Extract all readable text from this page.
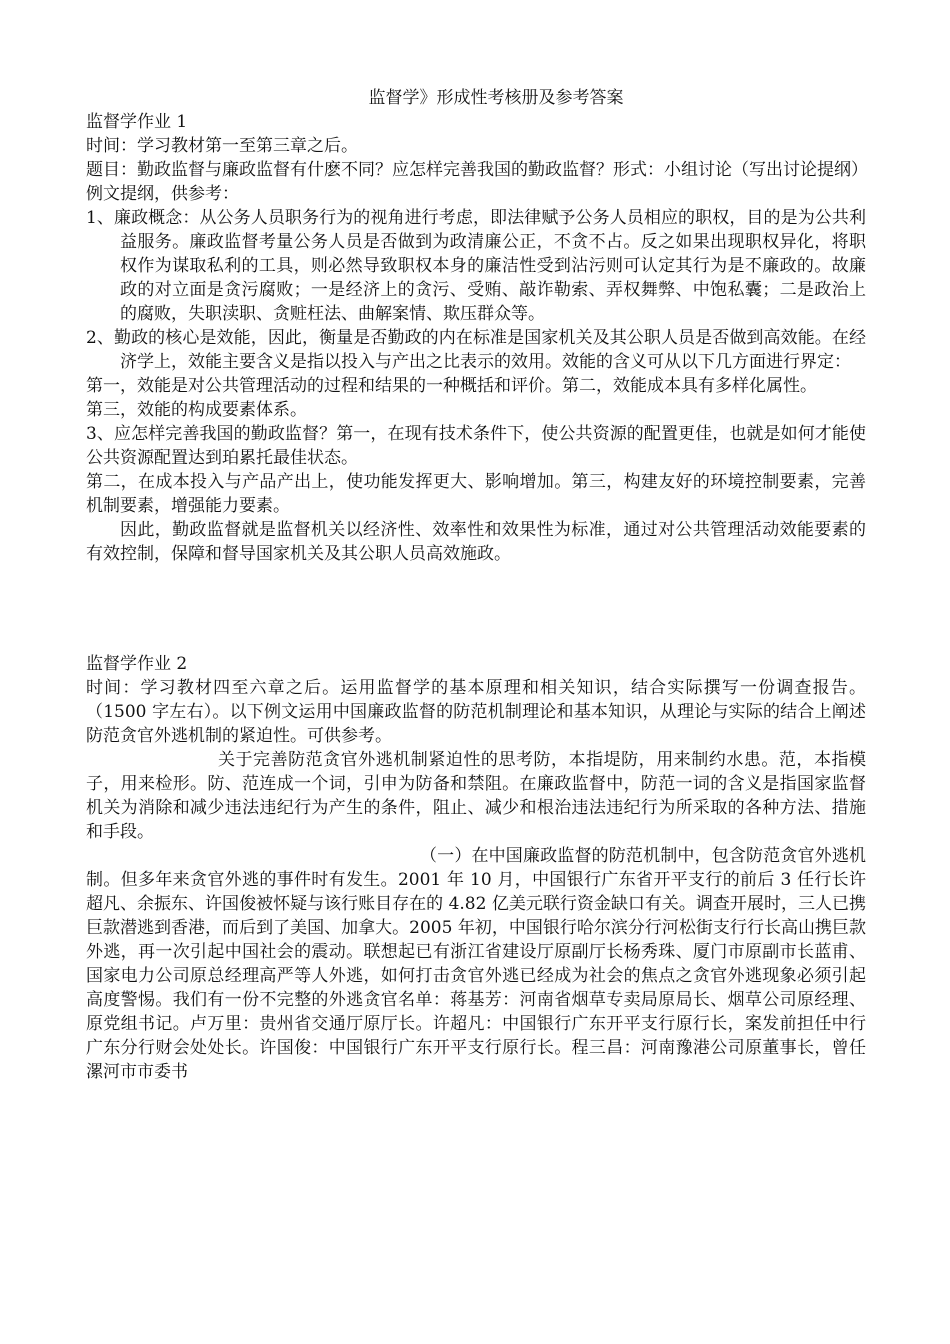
监督学》形成性考核册及参考答案

监督学作业 1

时间：学习教材第一至第三章之后。

题目：勤政监督与廉政监督有什麽不同？应怎样完善我国的勤政监督？形式：小组讨论（写出讨论提纲）

例文提纲，供参考：

1、廉政概念：从公务人员职务行为的视角进行考虑，即法律赋予公务人员相应的职权，目的是为公共利益服务。廉政监督考量公务人员是否做到为政清廉公正，不贪不占。反之如果出现职权异化，将职权作为谋取私利的工具，则必然导致职权本身的廉洁性受到沾污则可认定其行为是不廉政的。故廉政的对立面是贪污腐败；一是经济上的贪污、受贿、敲诈勒索、弄权舞弊、中饱私囊；二是政治上的腐败，失职渎职、贪赃枉法、曲解案情、欺压群众等。

2、勤政的核心是效能，因此，衡量是否勤政的内在标准是国家机关及其公职人员是否做到高效能。在经济学上，效能主要含义是指以投入与产出之比表示的效用。效能的含义可从以下几方面进行界定：

第一，效能是对公共管理活动的过程和结果的一种概括和评价。第二，效能成本具有多样化属性。

第三，效能的构成要素体系。

3、应怎样完善我国的勤政监督？第一，在现有技术条件下，使公共资源的配置更佳，也就是如何才能使公共资源配置达到珀累托最佳状态。

第二，在成本投入与产品产出上，使功能发挥更大、影响增加。第三，构建友好的环境控制要素，完善机制要素，增强能力要素。

因此，勤政监督就是监督机关以经济性、效率性和效果性为标准，通过对公共管理活动效能要素的有效控制，保障和督导国家机关及其公职人员高效施政。

监督学作业 2

时间：学习教材四至六章之后。运用监督学的基本原理和相关知识，结合实际撰写一份调查报告。（1500 字左右）。以下例文运用中国廉政监督的防范机制理论和基本知识，从理论与实际的结合上阐述防范贪官外逃机制的紧迫性。可供参考。

关于完善防范贪官外逃机制紧迫性的思考防，本指堤防，用来制约水患。范，本指模子，用来检形。防、范连成一个词，引申为防备和禁阻。在廉政监督中，防范一词的含义是指国家监督机关为消除和减少违法违纪行为产生的条件，阻止、减少和根治违法违纪行为所采取的各种方法、措施和手段。

（一）在中国廉政监督的防范机制中，包含防范贪官外逃机制。但多年来贪官外逃的事件时有发生。2001 年 10 月，中国银行广东省开平支行的前后 3 任行长许超凡、余振东、许国俊被怀疑与该行账目存在的 4.82 亿美元联行资金缺口有关。调查开展时，三人已携巨款潜逃到香港，而后到了美国、加拿大。2005 年初，中国银行哈尔滨分行河松街支行行长高山携巨款外逃，再一次引起中国社会的震动。联想起已有浙江省建设厅原副厅长杨秀珠、厦门市原副市长蓝甫、国家电力公司原总经理高严等人外逃，如何打击贪官外逃已经成为社会的焦点之贪官外逃现象必须引起高度警惕。我们有一份不完整的外逃贪官名单：蒋基芳：河南省烟草专卖局原局长、烟草公司原经理、原党组书记。卢万里：贵州省交通厅原厅长。许超凡：中国银行广东开平支行原行长，案发前担任中行广东分行财会处处长。许国俊：中国银行广东开平支行原行长。程三昌：河南豫港公司原董事长，曾任漯河市市委书
